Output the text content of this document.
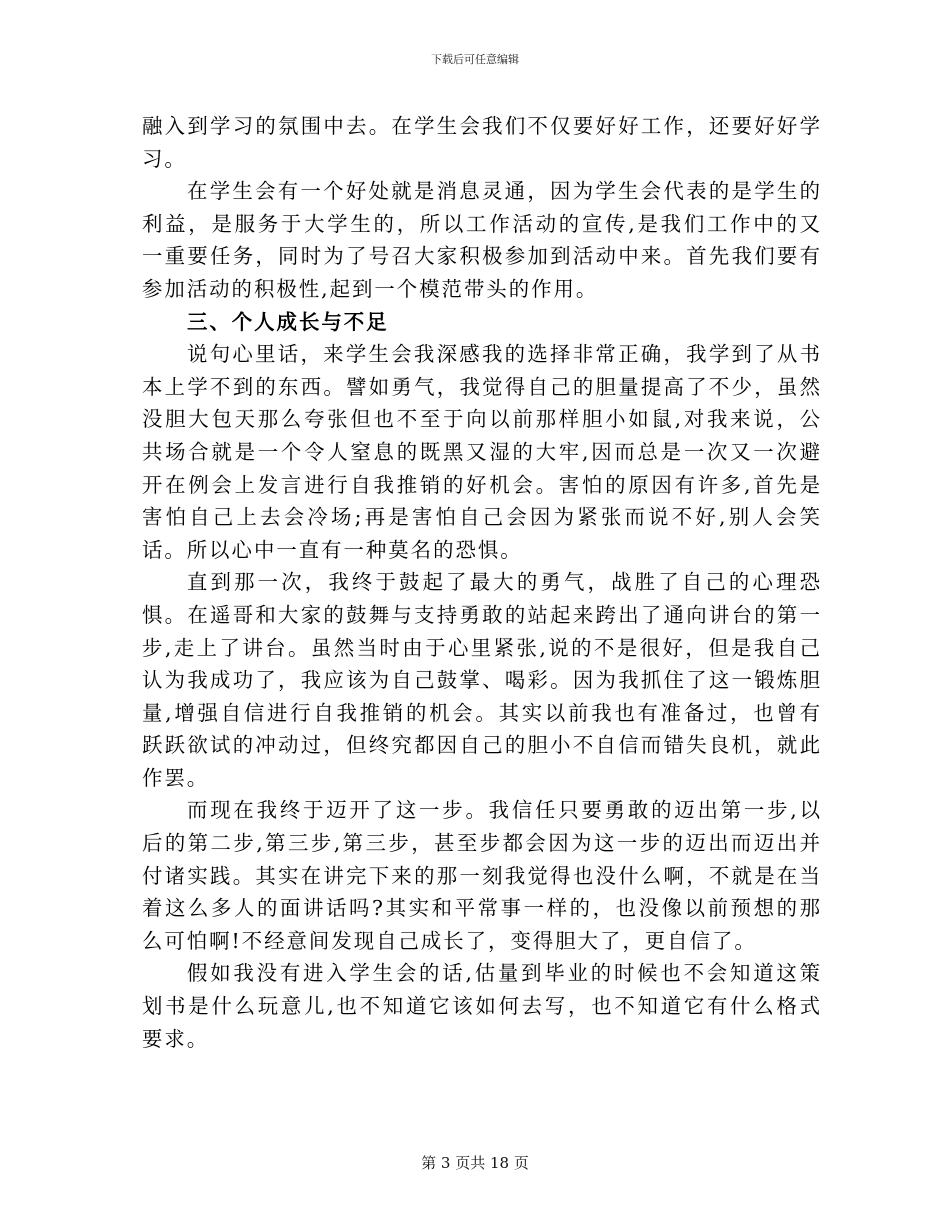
下载后可任意编辑

融入到学习的氛围中去。在学生会我们不仅要好好工作，还要好好学习。

在学生会有一个好处就是消息灵通，因为学生会代表的是学生的利益，是服务于大学生的，所以工作活动的宣传,是我们工作中的又一重要任务，同时为了号召大家积极参加到活动中来。首先我们要有参加活动的积极性,起到一个模范带头的作用。

三、个人成长与不足

说句心里话，来学生会我深感我的选择非常正确，我学到了从书本上学不到的东西。譬如勇气，我觉得自己的胆量提高了不少，虽然没胆大包天那么夸张但也不至于向以前那样胆小如鼠,对我来说，公共场合就是一个令人窒息的既黑又湿的大牢,因而总是一次又一次避开在例会上发言进行自我推销的好机会。害怕的原因有许多,首先是害怕自己上去会冷场;再是害怕自己会因为紧张而说不好,别人会笑话。所以心中一直有一种莫名的恐惧。

直到那一次，我终于鼓起了最大的勇气，战胜了自己的心理恐惧。在遥哥和大家的鼓舞与支持勇敢的站起来跨出了通向讲台的第一步,走上了讲台。虽然当时由于心里紧张,说的不是很好，但是我自己认为我成功了，我应该为自己鼓掌、喝彩。因为我抓住了这一锻炼胆量,增强自信进行自我推销的机会。其实以前我也有准备过，也曾有跃跃欲试的冲动过，但终究都因自己的胆小不自信而错失良机，就此作罢。

而现在我终于迈开了这一步。我信任只要勇敢的迈出第一步,以后的第二步,第三步,第三步，甚至步都会因为这一步的迈出而迈出并付诸实践。其实在讲完下来的那一刻我觉得也没什么啊，不就是在当着这么多人的面讲话吗?其实和平常事一样的，也没像以前预想的那么可怕啊!不经意间发现自己成长了，变得胆大了，更自信了。

假如我没有进入学生会的话,估量到毕业的时候也不会知道这策划书是什么玩意儿,也不知道它该如何去写，也不知道它有什么格式要求。

第 3 页共 18 页
